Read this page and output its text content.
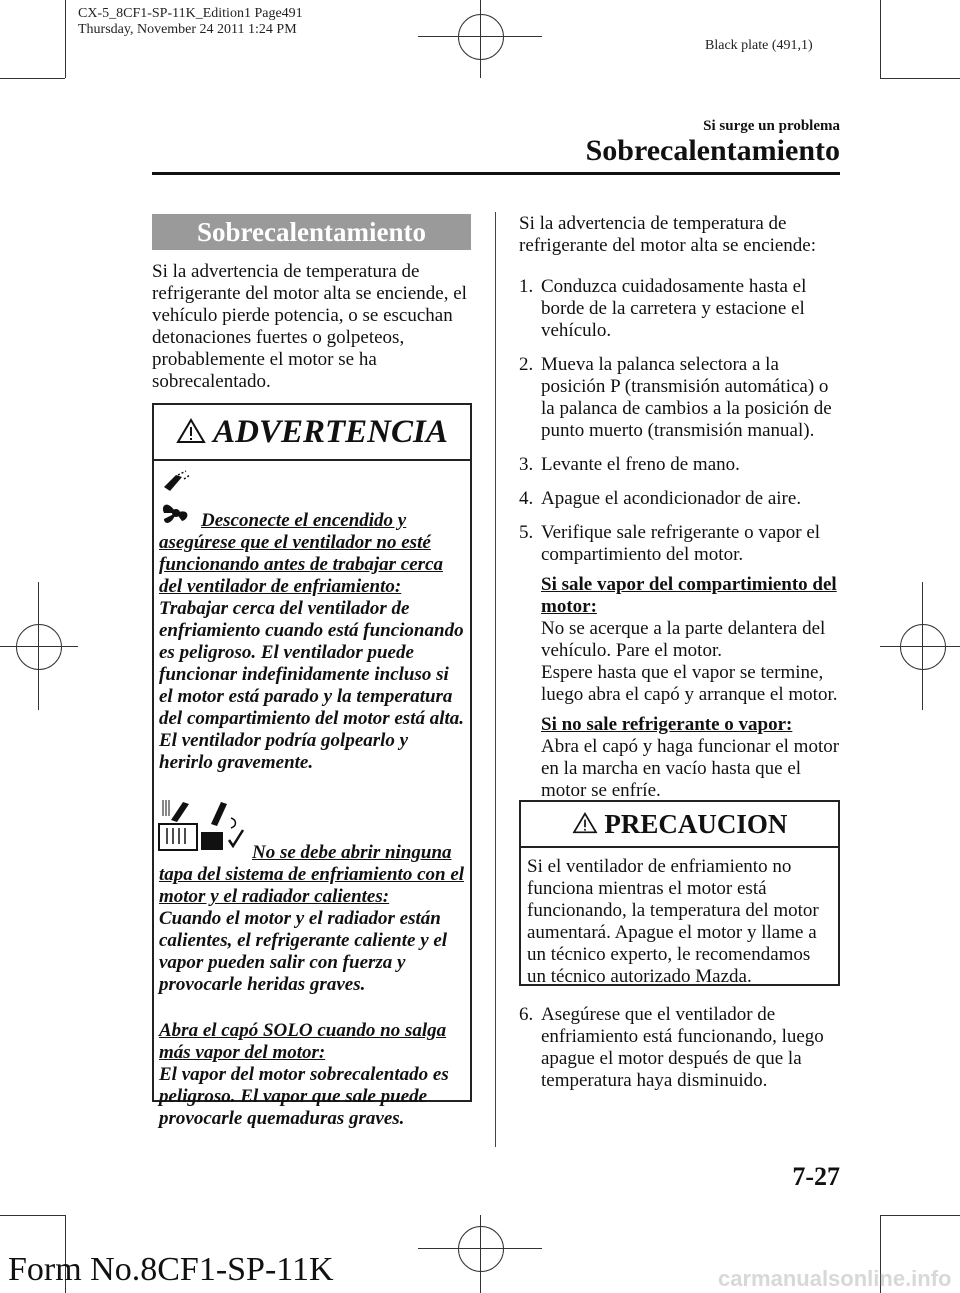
CX-5_8CF1-SP-11K_Edition1 Page491
Thursday, November 24 2011 1:24 PM
Black plate (491,1)
Si surge un problema
Sobrecalentamiento
Sobrecalentamiento
Si la advertencia de temperatura de refrigerante del motor alta se enciende, el vehículo pierde potencia, o se escuchan detonaciones fuertes o golpeteos, probablemente el motor se ha sobrecalentado.
ADVERTENCIA
Desconecte el encendido y asegúrese que el ventilador no esté funcionando antes de trabajar cerca del ventilador de enfriamiento:
Trabajar cerca del ventilador de enfriamiento cuando está funcionando es peligroso. El ventilador puede funcionar indefinidamente incluso si el motor está parado y la temperatura del compartimiento del motor está alta. El ventilador podría golpearlo y herirlo gravemente.
No se debe abrir ninguna tapa del sistema de enfriamiento con el motor y el radiador calientes:
Cuando el motor y el radiador están calientes, el refrigerante caliente y el vapor pueden salir con fuerza y provocarle heridas graves.
Abra el capó SOLO cuando no salga más vapor del motor:
El vapor del motor sobrecalentado es peligroso. El vapor que sale puede provocarle quemaduras graves.
Si la advertencia de temperatura de refrigerante del motor alta se enciende:
1. Conduzca cuidadosamente hasta el borde de la carretera y estacione el vehículo.
2. Mueva la palanca selectora a la posición P (transmisión automática) o la palanca de cambios a la posición de punto muerto (transmisión manual).
3. Levante el freno de mano.
4. Apague el acondicionador de aire.
5. Verifique sale refrigerante o vapor el compartimiento del motor.
Si sale vapor del compartimiento del motor:
No se acerque a la parte delantera del vehículo. Pare el motor.
Espere hasta que el vapor se termine, luego abra el capó y arranque el motor.
Si no sale refrigerante o vapor:
Abra el capó y haga funcionar el motor en la marcha en vacío hasta que el motor se enfríe.
PRECAUCION
Si el ventilador de enfriamiento no funciona mientras el motor está funcionando, la temperatura del motor aumentará. Apague el motor y llame a un técnico experto, le recomendamos un técnico autorizado Mazda.
6. Asegúrese que el ventilador de enfriamiento está funcionando, luego apague el motor después de que la temperatura haya disminuido.
7-27
Form No.8CF1-SP-11K	carmanualsonline.info
